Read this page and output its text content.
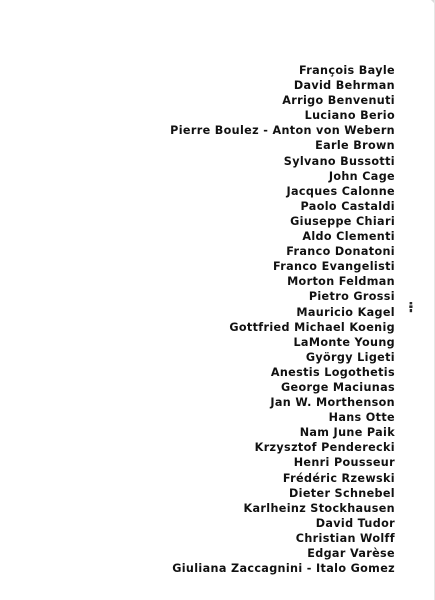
François Bayle
David Behrman
Arrigo Benvenuti
Luciano Berio
Pierre Boulez - Anton von Webern
Earle Brown
Sylvano Bussotti
John Cage
Jacques Calonne
Paolo Castaldi
Giuseppe Chiari
Aldo Clementi
Franco Donatoni
Franco Evangelisti
Morton Feldman
Pietro Grossi
Mauricio Kagel
Gottfried Michael Koenig
LaMonte Young
György Ligeti
Anestis Logothetis
George Maciunas
Jan W. Morthenson
Hans Otte
Nam June Paik
Krzysztof Penderecki
Henri Pousseur
Frédéric Rzewski
Dieter Schnebel
Karlheinz Stockhausen
David Tudor
Christian Wolff
Edgar Varèse
Giuliana Zaccagnini - Italo Gomez
